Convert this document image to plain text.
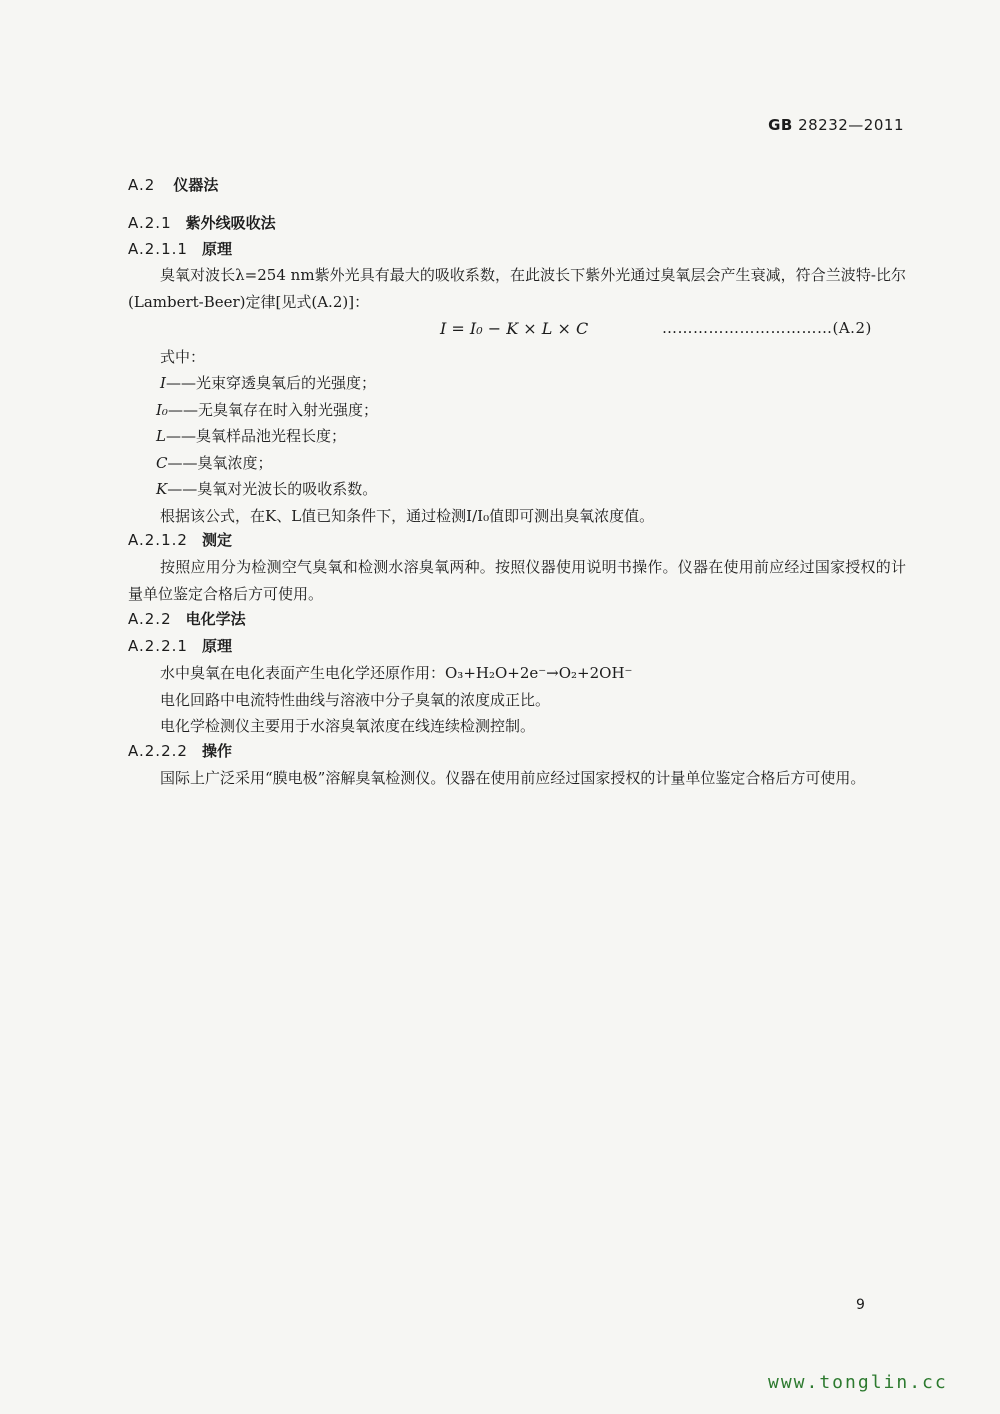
GB 28232—2011
A.2 仪器法
A.2.1 紫外线吸收法
A.2.1.1 原理
臭氧对波长λ=254 nm紫外光具有最大的吸收系数，在此波长下紫外光通过臭氧层会产生衰减，符合兰波特-比尔(Lambert-Beer)定律[见式(A.2)]：
I = I₀ − K × L × C	……………………………(A.2)
式中：
I——光束穿透臭氧后的光强度；
I₀——无臭氧存在时入射光强度；
L——臭氧样品池光程长度；
C——臭氧浓度；
K——臭氧对光波长的吸收系数。
根据该公式，在K、L值已知条件下，通过检测I/I₀值即可测出臭氧浓度值。
A.2.1.2 测定
按照应用分为检测空气臭氧和检测水溶臭氧两种。按照仪器使用说明书操作。仪器在使用前应经过国家授权的计量单位鉴定合格后方可使用。
A.2.2 电化学法
A.2.2.1 原理
水中臭氧在电化表面产生电化学还原作用：O₃+H₂O+2e⁻→O₂+2OH⁻
电化回路中电流特性曲线与溶液中分子臭氧的浓度成正比。
电化学检测仪主要用于水溶臭氧浓度在线连续检测控制。
A.2.2.2 操作
国际上广泛采用“膜电极”溶解臭氧检测仪。仪器在使用前应经过国家授权的计量单位鉴定合格后方可使用。
9
www.tonglin.cc
